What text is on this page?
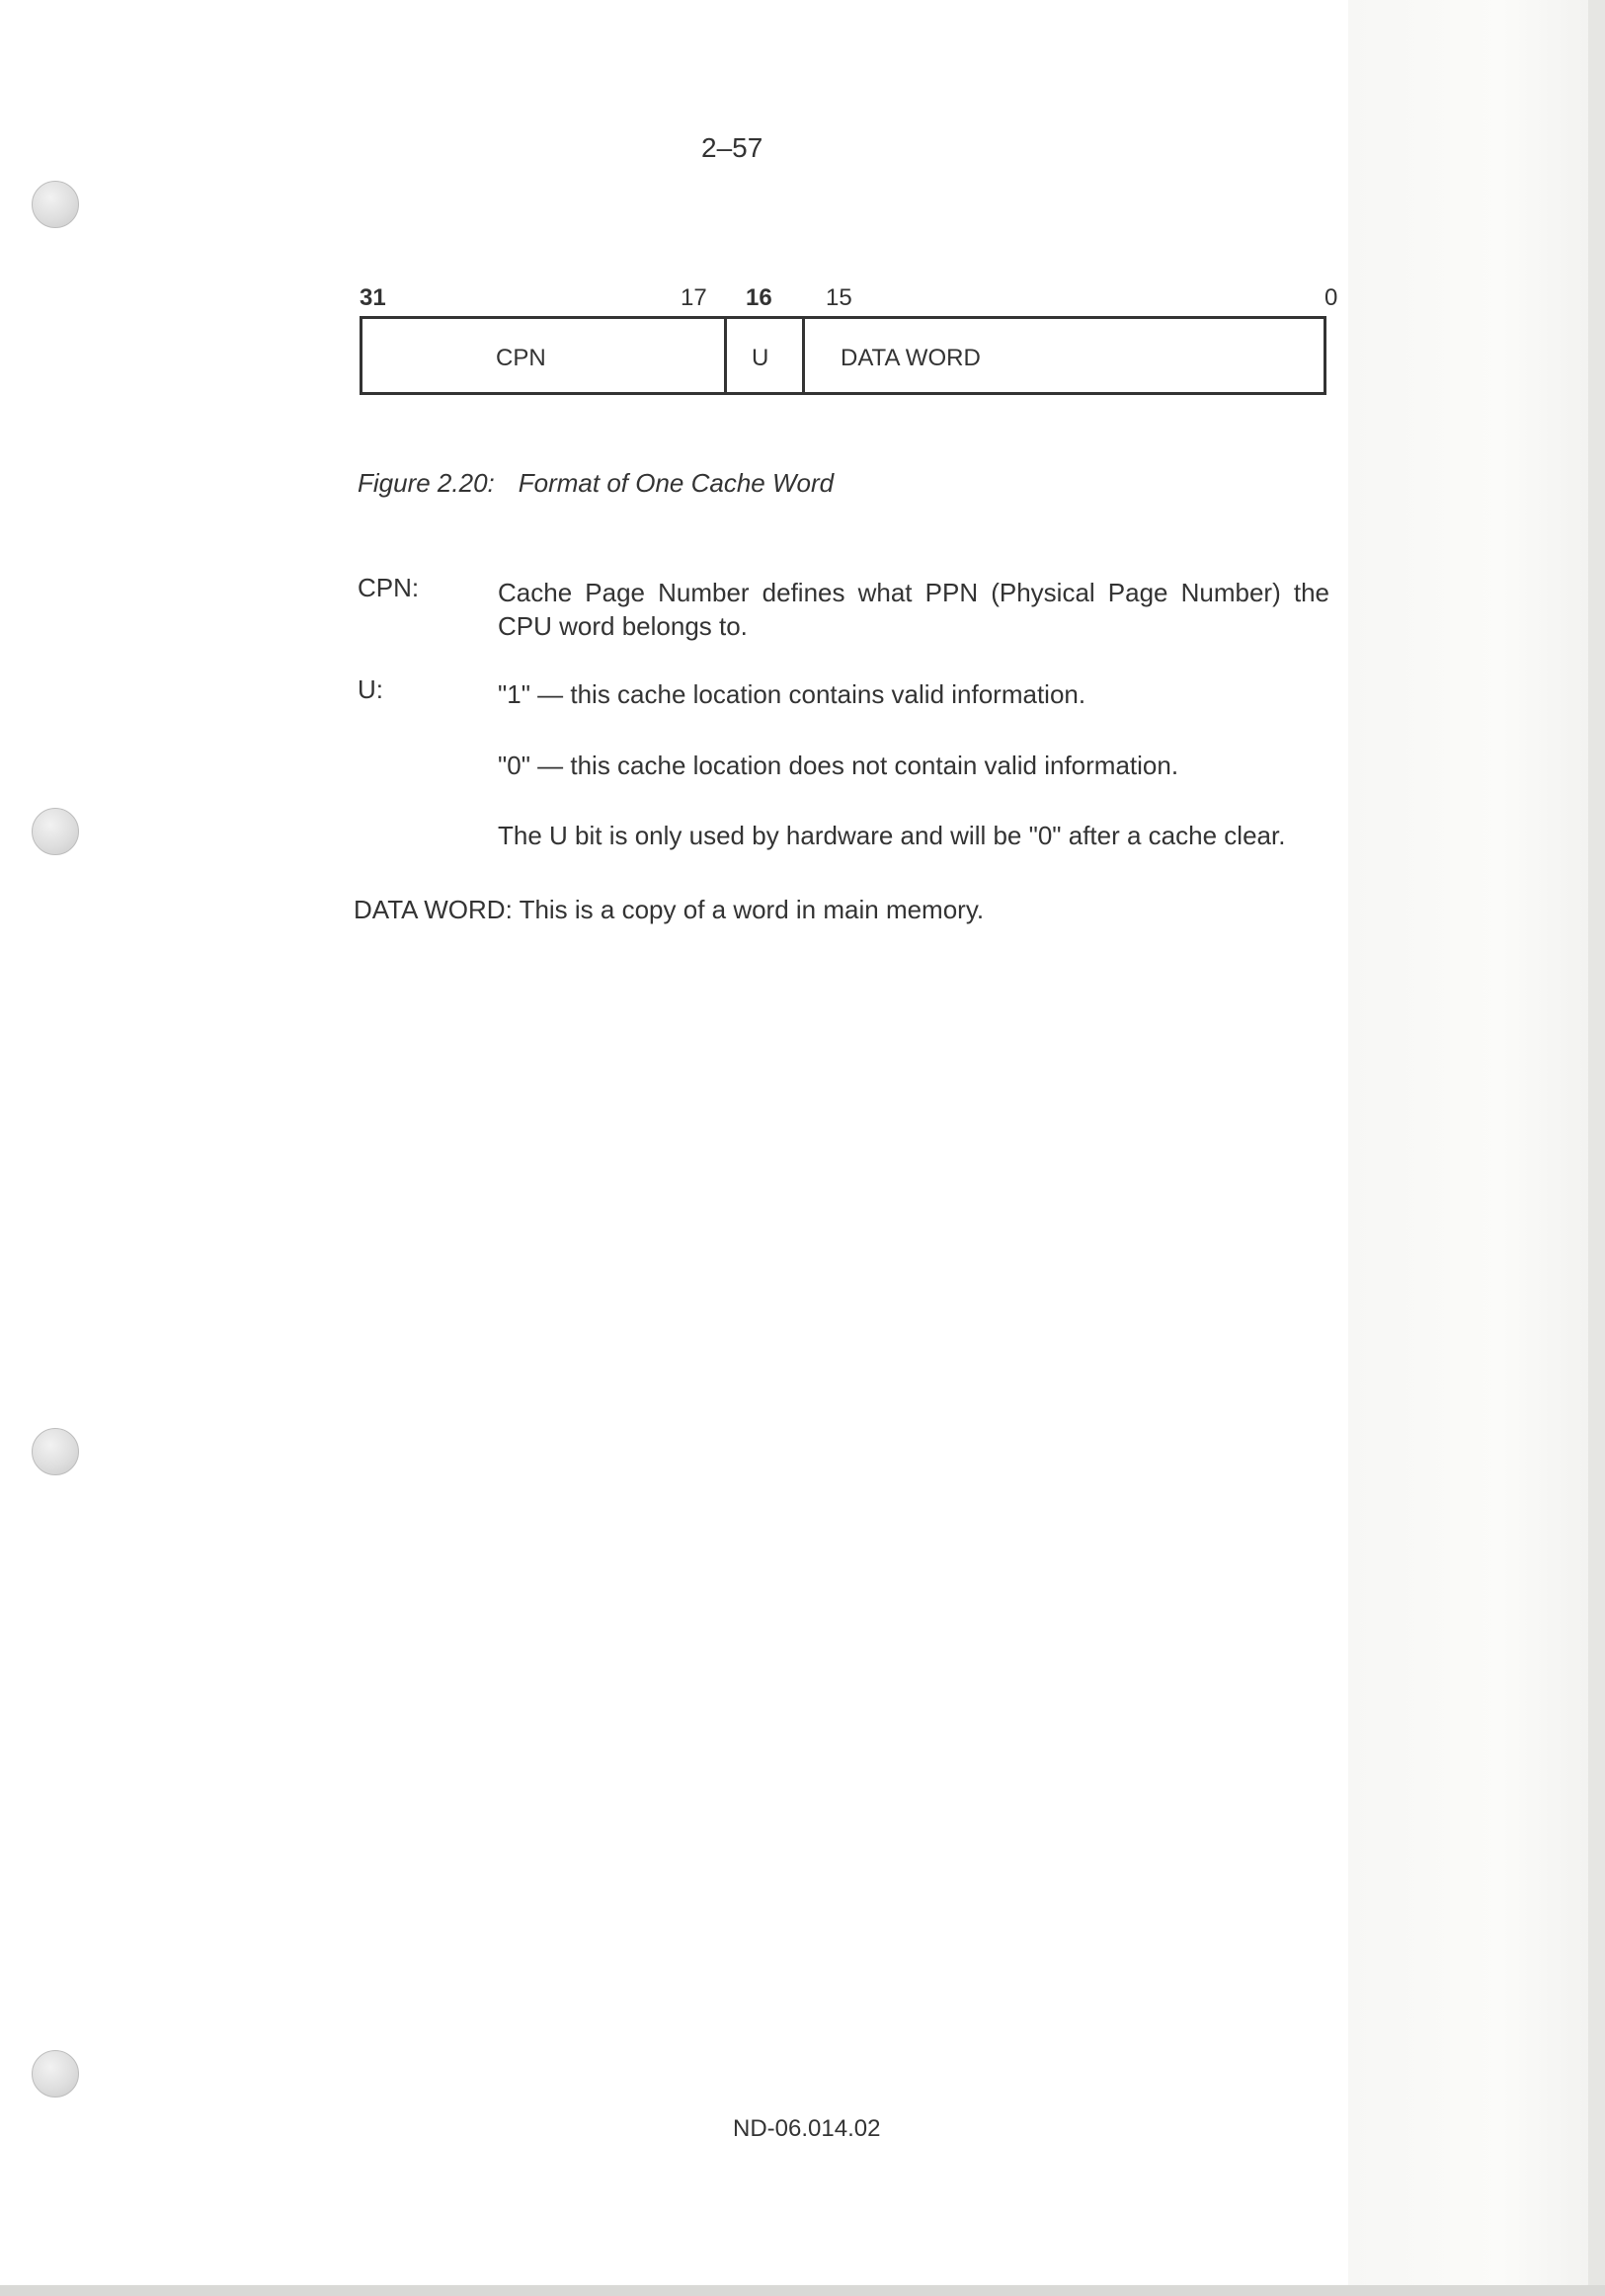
2–57
31	17 16 15	0
CPN	U	DATA WORD
Figure 2.20: Format of One Cache Word
CPN:	Cache Page Number defines what PPN (Physical Page Number) the CPU word belongs to.
U:	"1" — this cache location contains valid information.
"0" — this cache location does not contain valid information.
The U bit is only used by hardware and will be "0" after a cache clear.
DATA WORD: This is a copy of a word in main memory.
ND-06.014.02
